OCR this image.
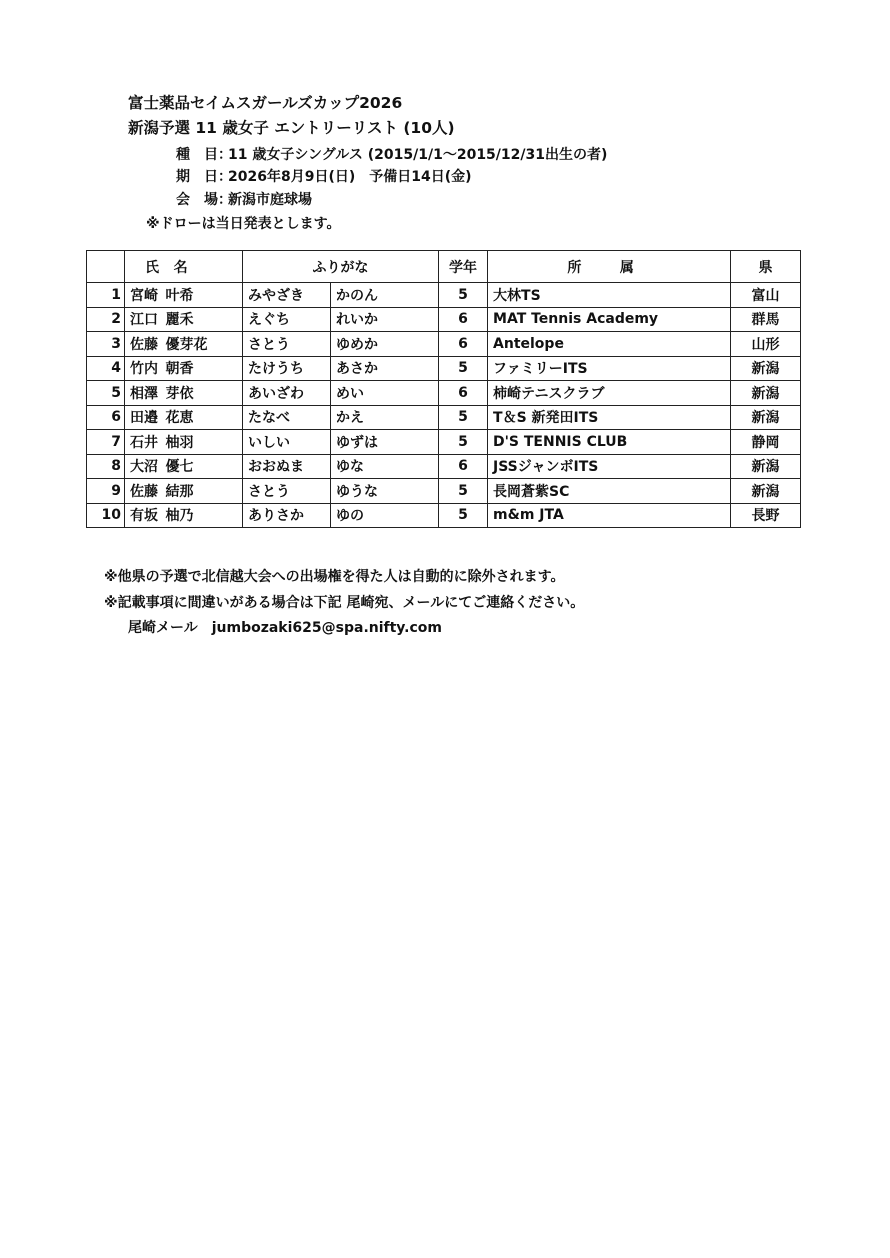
富士薬品セイムスガールズカップ2026
新潟予選 11 歳女子 エントリーリスト (10人)
種　目：11 歳女子シングルス (2015/1/1～2015/12/31出生の者)
期　日：2026年8月9日(日)　予備日14日(金)
会　場：新潟市庭球場
※ドローは当日発表とします。
	氏 名		ふりがな		学年	所 属	県
1	宮崎	叶希	みやざき	かのん	5	大林TS	富山
2	江口	麗禾	えぐち	れいか	6	MAT Tennis Academy	群馬
3	佐藤	優芽花	さとう	ゆめか	6	Antelope	山形
4	竹内	朝香	たけうち	あさか	5	ファミリーITS	新潟
5	相澤	芽依	あいざわ	めい	6	柿崎テニスクラブ	新潟
6	田邉	花恵	たなべ	かえ	5	T＆S 新発田ITS	新潟
7	石井	柚羽	いしい	ゆずは	5	D'S TENNIS CLUB	静岡
8	大沼	優七	おおぬま	ゆな	6	JSSジャンボITS	新潟
9	佐藤	結那	さとう	ゆうな	5	長岡蒼紫SC	新潟
10	有坂	柚乃	ありさか	ゆの	5	m&m JTA	長野
※他県の予選で北信越大会への出場権を得た人は自動的に除外されます。
※記載事項に間違いがある場合は下記 尾崎宛、メールにてご連絡ください。
尾崎メール　jumbozaki625@spa.nifty.com
